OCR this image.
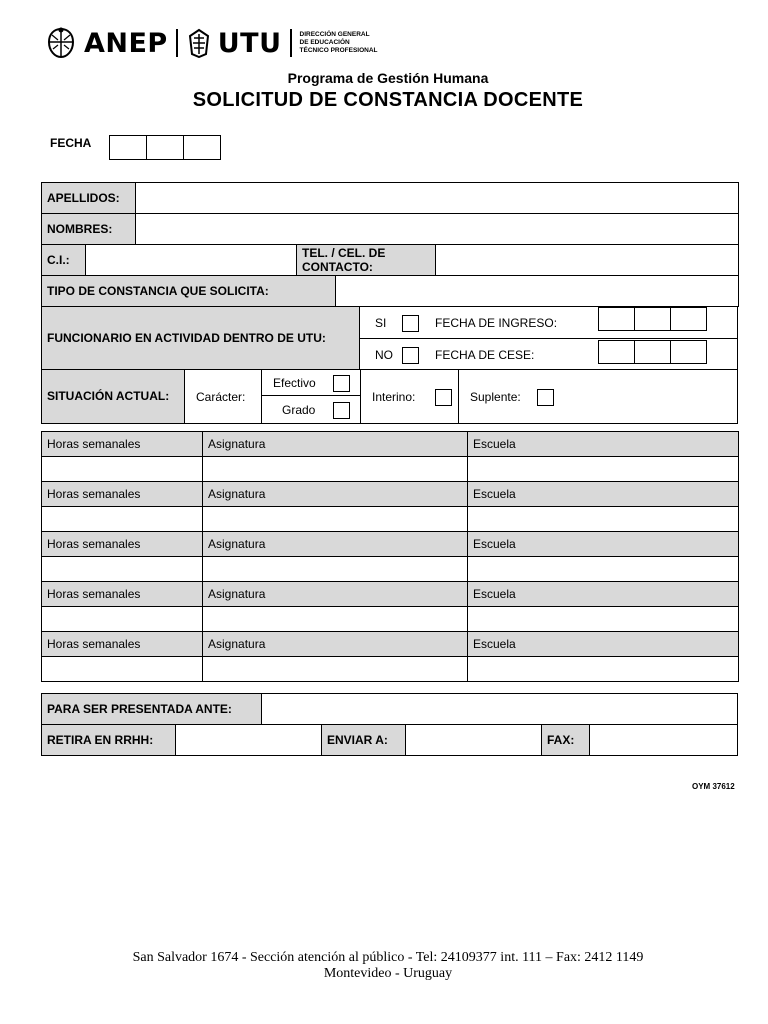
ANEP UTU	DIRECCIÓN GENERAL
DE EDUCACIÓN
TÉCNICO PROFESIONAL
Programa de Gestión Humana
SOLICITUD DE CONSTANCIA DOCENTE
FECHA
APELLIDOS:					
NOMBRES:					
C.I.:			TEL. / CEL. DE CONTACTO:		
TIPO DE CONSTANCIA QUE SOLICITA:					
FUNCIONARIO EN ACTIVIDAD DENTRO DE UTU:
SI	FECHA DE INGRESO:
NO	FECHA DE CESE:
SITUACIÓN ACTUAL: Carácter:
Efectivo
Grado
Interino:	Suplente:
Horas semanales	Asignatura	Escuela

Horas semanales	Asignatura	Escuela

Horas semanales	Asignatura	Escuela

Horas semanales	Asignatura	Escuela

Horas semanales	Asignatura	Escuela

PARA SER PRESENTADA ANTE:
RETIRA EN RRHH:	ENVIAR A:	FAX:
OYM 37612
San Salvador 1674 - Sección atención al público - Tel: 24109377 int. 111 – Fax: 2412 1149
Montevideo - Uruguay
